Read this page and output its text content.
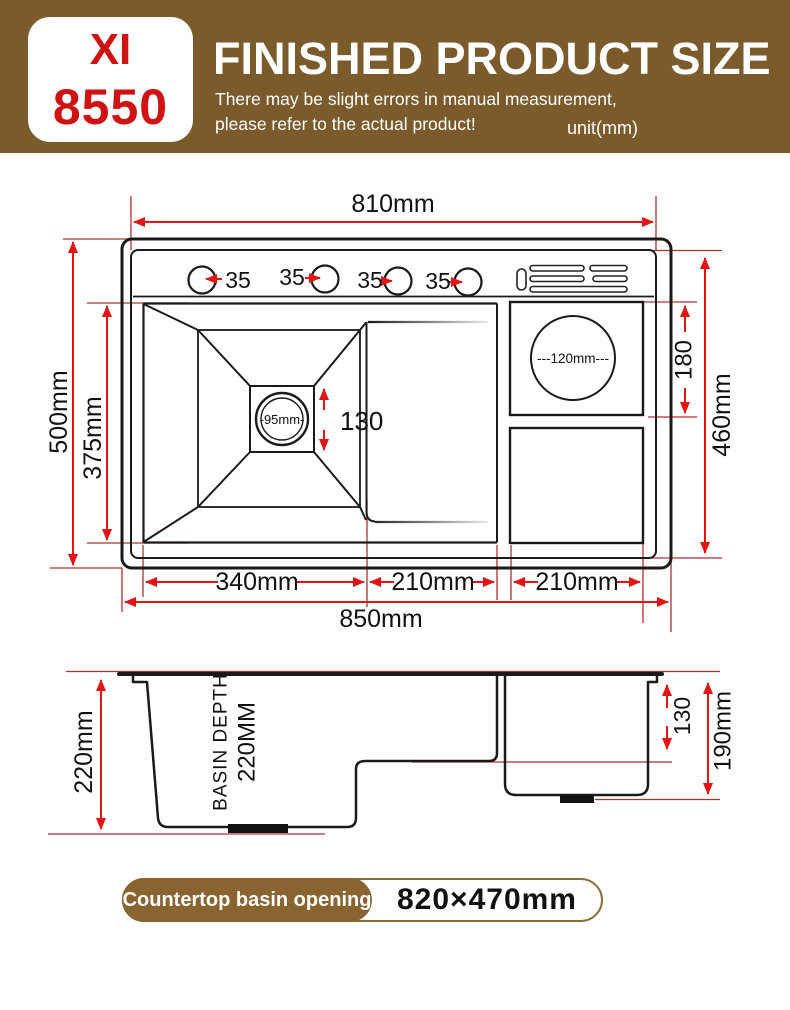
XI
8550
FINISHED PRODUCT SIZE
There may be slight errors in manual measurement,
please refer to the actual product!	unit(mm)
35 35 35 35
-95mm-
---120mm---
810mm
500mm 375mm	460mm
180
130
340mm	210mm 210mm
850mm
220mm	BASIN DEPTH 220MM	130 190mm
Countertop basin opening 820×470mm
